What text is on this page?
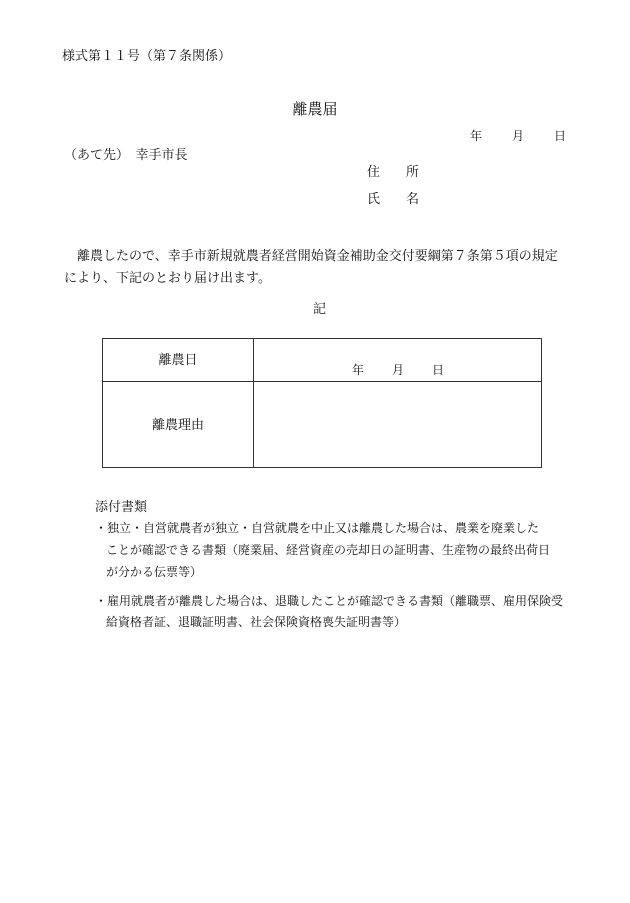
様式第１１号（第７条関係）
離農届
年	月	日
（あて先）　幸手市長
住 所
氏 名
離農したので、幸手市新規就農者経営開始資金補助金交付要綱第７条第５項の規定
により、下記のとおり届け出ます。
記
離農日
年 月 日
離農理由
添付書類
・独立・自営就農者が独立・自営就農を中止又は離農した場合は、農業を廃業した
ことが確認できる書類（廃業届、経営資産の売却日の証明書、生産物の最終出荷日
が分かる伝票等）
・雇用就農者が離農した場合は、退職したことが確認できる書類（離職票、雇用保険受
給資格者証、退職証明書、社会保険資格喪失証明書等）
